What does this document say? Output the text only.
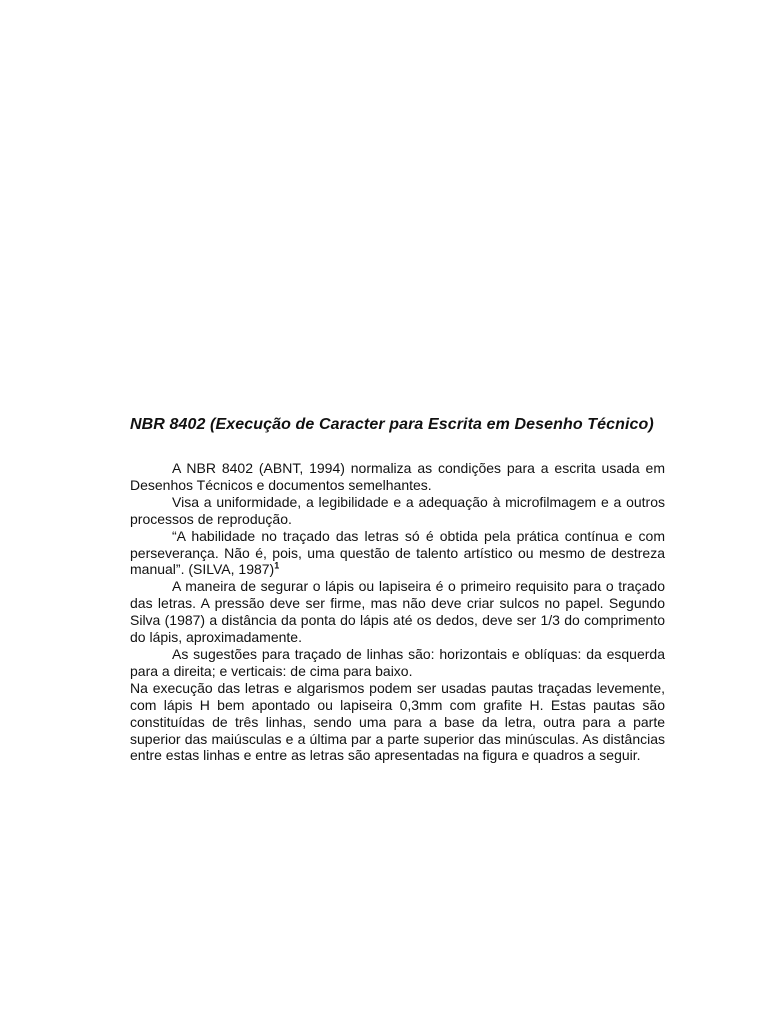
NBR 8402 (Execução de Caracter para Escrita em Desenho Técnico)

A NBR 8402 (ABNT, 1994) normaliza as condições para a escrita usada em Desenhos Técnicos e documentos semelhantes.

Visa a uniformidade, a legibilidade e a adequação à microfilmagem e a outros processos de reprodução.

“A habilidade no traçado das letras só é obtida pela prática contínua e com perseverança. Não é, pois, uma questão de talento artístico ou mesmo de destreza manual”. (SILVA, 1987)$^1$

A maneira de segurar o lápis ou lapiseira é o primeiro requisito para o traçado das letras. A pressão deve ser firme, mas não deve criar sulcos no papel. Segundo Silva (1987) a distância da ponta do lápis até os dedos, deve ser 1/3 do comprimento do lápis, aproximadamente.

As sugestões para traçado de linhas são: horizontais e oblíquas: da esquerda para a direita; e verticais: de cima para baixo.

Na execução das letras e algarismos podem ser usadas pautas traçadas levemente, com lápis H bem apontado ou lapiseira 0,3mm com grafite H. Estas pautas são constituídas de três linhas, sendo uma para a base da letra, outra para a parte superior das maiúsculas e a última par a parte superior das minúsculas. As distâncias entre estas linhas e entre as letras são apresentadas na figura e quadros a seguir.
